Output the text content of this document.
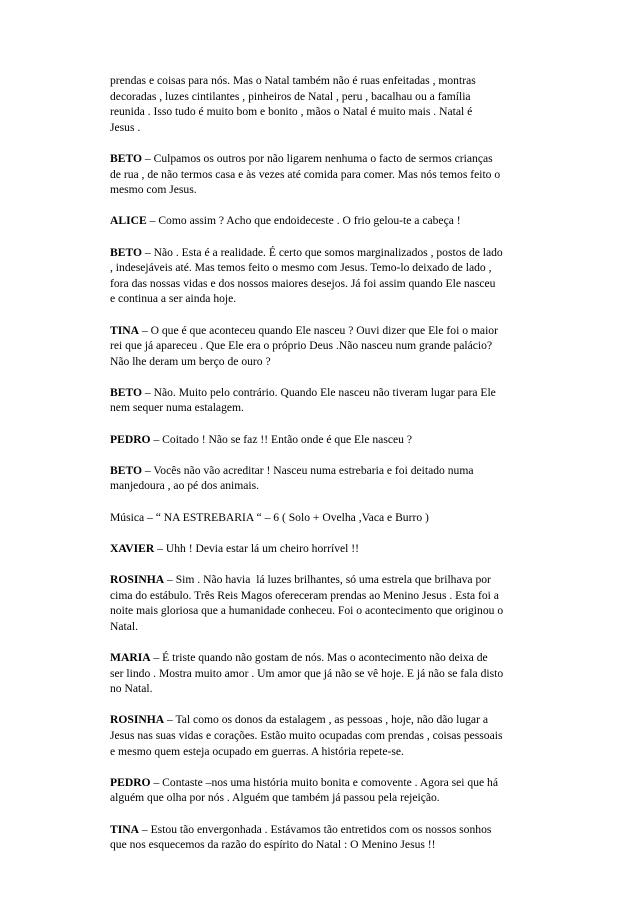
prendas e coisas para nós. Mas o Natal também não é ruas enfeitadas , montras
decoradas , luzes cintilantes , pinheiros de Natal , peru , bacalhau ou a família
reunida . Isso tudo é muito bom e bonito , mãos o Natal é muito mais . Natal é
Jesus .
BETO – Culpamos os outros por não ligarem nenhuma o facto de sermos crianças
de rua , de não termos casa e às vezes até comida para comer. Mas nós temos feito o
mesmo com Jesus.
ALICE – Como assim ? Acho que endoideceste . O frio gelou-te a cabeça !
BETO – Não . Esta é a realidade. É certo que somos marginalizados , postos de lado
, indesejáveis até. Mas temos feito o mesmo com Jesus. Temo-lo deixado de lado ,
fora das nossas vidas e dos nossos maiores desejos. Já foi assim quando Ele nasceu
e continua a ser ainda hoje.
TINA – O que é que aconteceu quando Ele nasceu ? Ouvi dizer que Ele foi o maior
rei que já apareceu . Que Ele era o próprio Deus .Não nasceu num grande palácio?
Não lhe deram um berço de ouro ?
BETO – Não. Muito pelo contrário. Quando Ele nasceu não tiveram lugar para Ele
nem sequer numa estalagem.
PEDRO – Coitado ! Não se faz !! Então onde é que Ele nasceu ?
BETO – Vocês não vão acreditar ! Nasceu numa estrebaria e foi deitado numa
manjedoura , ao pé dos animais.
Música – “ NA ESTREBARIA “ – 6 ( Solo + Ovelha ,Vaca e Burro )
XAVIER – Uhh ! Devia estar lá um cheiro horrível !!
ROSINHA – Sim . Não havia  lá luzes brilhantes, só uma estrela que brilhava por
cima do estábulo. Três Reis Magos ofereceram prendas ao Menino Jesus . Esta foi a
noite mais gloriosa que a humanidade conheceu. Foi o acontecimento que originou o
Natal.
MARIA – É triste quando não gostam de nós. Mas o acontecimento não deixa de
ser lindo . Mostra muito amor . Um amor que já não se vê hoje. E já não se fala disto
no Natal.
ROSINHA – Tal como os donos da estalagem , as pessoas , hoje, não dão lugar a
Jesus nas suas vidas e corações. Estão muito ocupadas com prendas , coisas pessoais
e mesmo quem esteja ocupado em guerras. A história repete-se.
PEDRO – Contaste –nos uma história muito bonita e comovente . Agora sei que há
alguém que olha por nós . Alguém que também já passou pela rejeição.
TINA – Estou tão envergonhada . Estávamos tão entretidos com os nossos sonhos
que nos esquecemos da razão do espírito do Natal : O Menino Jesus !!
